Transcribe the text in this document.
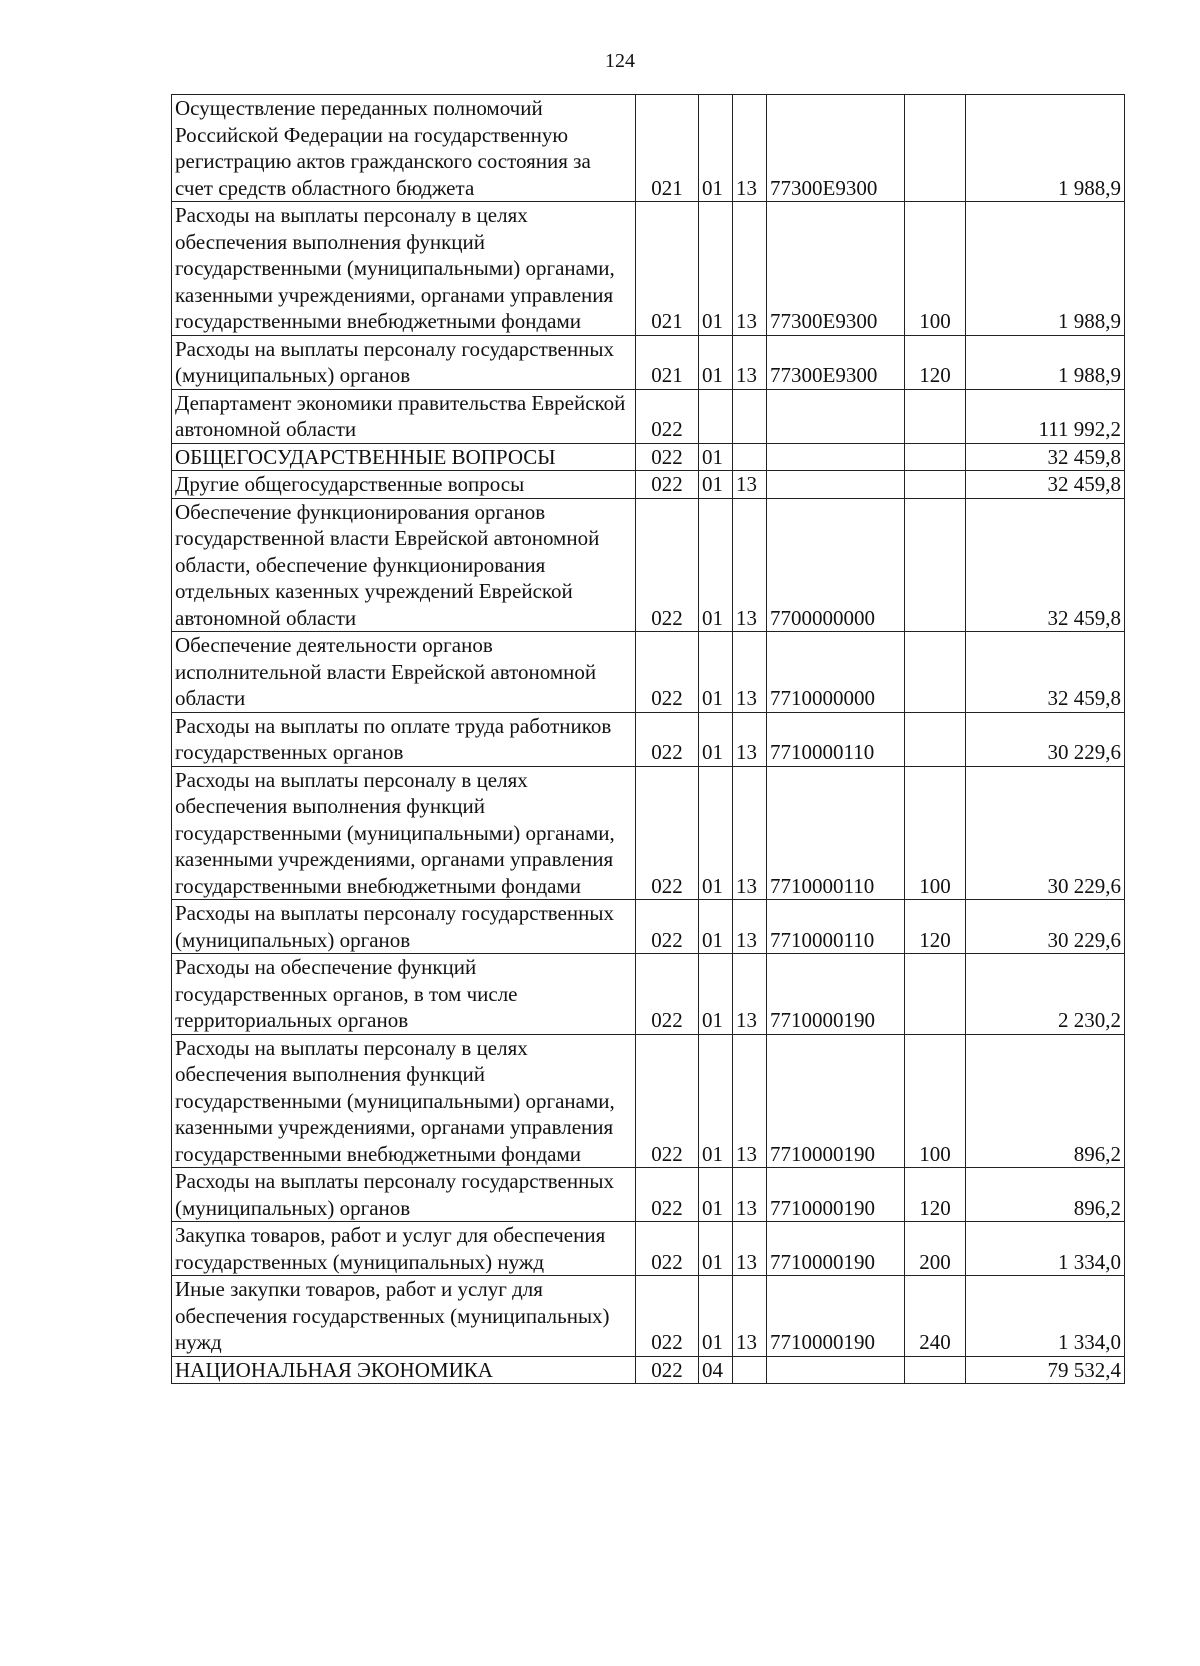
124
Осуществление переданных полномочий Российской Федерации на государственную регистрацию актов гражданского состояния за счет средств областного бюджета	021	01	13	77300E9300		1 988,9
Расходы на выплаты персоналу в целях обеспечения выполнения функций государственными (муниципальными) органами, казенными учреждениями, органами управления государственными внебюджетными фондами	021	01	13	77300E9300	100	1 988,9
Расходы на выплаты персоналу государственных (муниципальных) органов	021	01	13	77300E9300	120	1 988,9
Департамент экономики правительства Еврейской автономной области	022					111 992,2
ОБЩЕГОСУДАРСТВЕННЫЕ ВОПРОСЫ	022	01				32 459,8
Другие общегосударственные вопросы	022	01	13			32 459,8
Обеспечение функционирования органов государственной власти Еврейской автономной области, обеспечение функционирования отдельных казенных учреждений Еврейской автономной области	022	01	13	7700000000		32 459,8
Обеспечение деятельности органов исполнительной власти Еврейской автономной области	022	01	13	7710000000		32 459,8
Расходы на выплаты по оплате труда работников государственных органов	022	01	13	7710000110		30 229,6
Расходы на выплаты персоналу в целях обеспечения выполнения функций государственными (муниципальными) органами, казенными учреждениями, органами управления государственными внебюджетными фондами	022	01	13	7710000110	100	30 229,6
Расходы на выплаты персоналу государственных (муниципальных) органов	022	01	13	7710000110	120	30 229,6
Расходы на обеспечение функций государственных органов, в том числе территориальных органов	022	01	13	7710000190		2 230,2
Расходы на выплаты персоналу в целях обеспечения выполнения функций государственными (муниципальными) органами, казенными учреждениями, органами управления государственными внебюджетными фондами	022	01	13	7710000190	100	896,2
Расходы на выплаты персоналу государственных (муниципальных) органов	022	01	13	7710000190	120	896,2
Закупка товаров, работ и услуг для обеспечения государственных (муниципальных) нужд	022	01	13	7710000190	200	1 334,0
Иные закупки товаров, работ и услуг для обеспечения государственных (муниципальных) нужд	022	01	13	7710000190	240	1 334,0
НАЦИОНАЛЬНАЯ ЭКОНОМИКА	022	04				79 532,4
